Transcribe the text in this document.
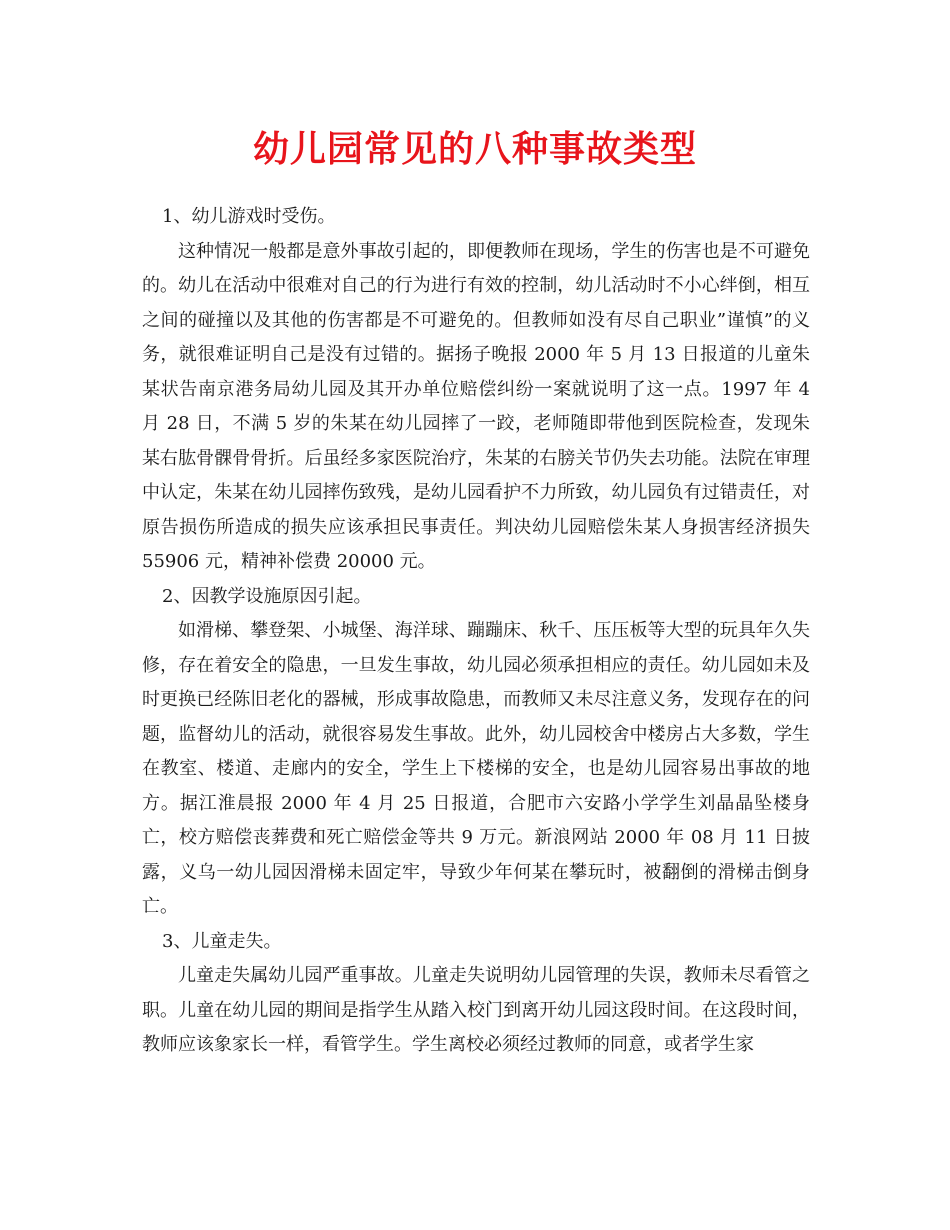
幼儿园常见的八种事故类型

1、幼儿游戏时受伤。

这种情况一般都是意外事故引起的，即便教师在现场，学生的伤害也是不可避免的。幼儿在活动中很难对自己的行为进行有效的控制，幼儿活动时不小心绊倒，相互之间的碰撞以及其他的伤害都是不可避免的。但教师如没有尽自己职业”谨慎”的义务，就很难证明自己是没有过错的。据扬子晚报 2000 年 5 月 13 日报道的儿童朱某状告南京港务局幼儿园及其开办单位赔偿纠纷一案就说明了这一点。1997 年 4 月 28 日，不满 5 岁的朱某在幼儿园摔了一跤，老师随即带他到医院检查，发现朱某右肱骨髁骨骨折。后虽经多家医院治疗，朱某的右膀关节仍失去功能。法院在审理中认定，朱某在幼儿园摔伤致残，是幼儿园看护不力所致，幼儿园负有过错责任，对原告损伤所造成的损失应该承担民事责任。判决幼儿园赔偿朱某人身损害经济损失 55906 元，精神补偿费 20000 元。

2、因教学设施原因引起。

如滑梯、攀登架、小城堡、海洋球、蹦蹦床、秋千、压压板等大型的玩具年久失修，存在着安全的隐患，一旦发生事故，幼儿园必须承担相应的责任。幼儿园如未及时更换已经陈旧老化的器械，形成事故隐患，而教师又未尽注意义务，发现存在的问题，监督幼儿的活动，就很容易发生事故。此外，幼儿园校舍中楼房占大多数，学生在教室、楼道、走廊内的安全，学生上下楼梯的安全，也是幼儿园容易出事故的地方。据江淮晨报 2000 年 4 月 25 日报道，合肥市六安路小学学生刘晶晶坠楼身亡，校方赔偿丧葬费和死亡赔偿金等共 9 万元。新浪网站 2000 年 08 月 11 日披露，义乌一幼儿园因滑梯未固定牢，导致少年何某在攀玩时，被翻倒的滑梯击倒身亡。

3、儿童走失。

儿童走失属幼儿园严重事故。儿童走失说明幼儿园管理的失误，教师未尽看管之职。儿童在幼儿园的期间是指学生从踏入校门到离开幼儿园这段时间。在这段时间，教师应该象家长一样，看管学生。学生离校必须经过教师的同意，或者学生家
